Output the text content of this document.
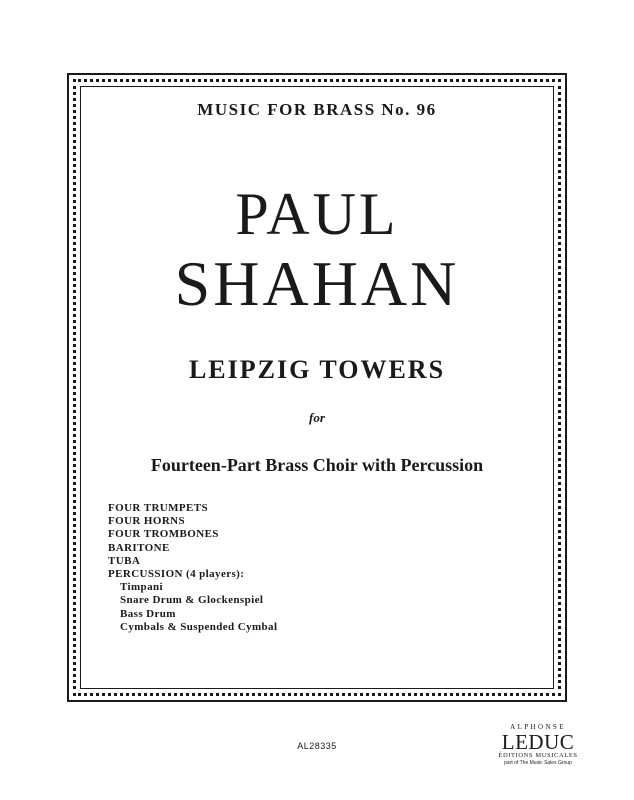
MUSIC FOR BRASS No. 96
PAUL
SHAHAN
LEIPZIG TOWERS
for
Fourteen-Part Brass Choir with Percussion
FOUR TRUMPETS
FOUR HORNS
FOUR TROMBONES
BARITONE
TUBA
PERCUSSION (4 players):
Timpani
Snare Drum & Glockenspiel
Bass Drum
Cymbals & Suspended Cymbal
AL28335
ALPHONSE
LEDUC
ÉDITIONS MUSICALES
part of The Music Sales Group
